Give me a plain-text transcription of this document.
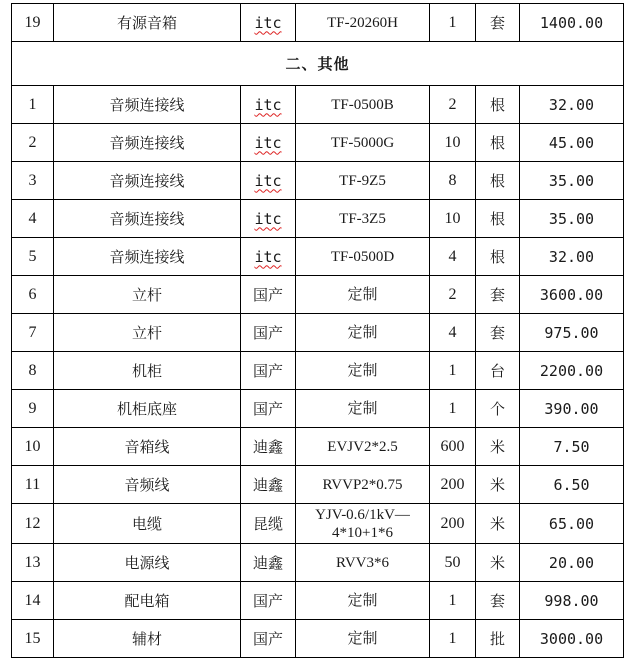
19	有源音箱	itc	TF-20260H	1	套	1400.00
二、其他						
1	音频连接线	itc	TF-0500B	2	根	32.00
2	音频连接线	itc	TF-5000G	10	根	45.00
3	音频连接线	itc	TF-9Z5	8	根	35.00
4	音频连接线	itc	TF-3Z5	10	根	35.00
5	音频连接线	itc	TF-0500D	4	根	32.00
6	立杆	国产	定制	2	套	3600.00
7	立杆	国产	定制	4	套	975.00
8	机柜	国产	定制	1	台	2200.00
9	机柜底座	国产	定制	1	个	390.00
10	音箱线	迪鑫	EVJV2*2.5	600	米	7.50
11	音频线	迪鑫	RVVP2*0.75	200	米	6.50
12	电缆	昆缆	YJV-0.6/1kV—4*10+1*6	200	米	65.00
13	电源线	迪鑫	RVV3*6	50	米	20.00
14	配电箱	国产	定制	1	套	998.00
15	辅材	国产	定制	1	批	3000.00
